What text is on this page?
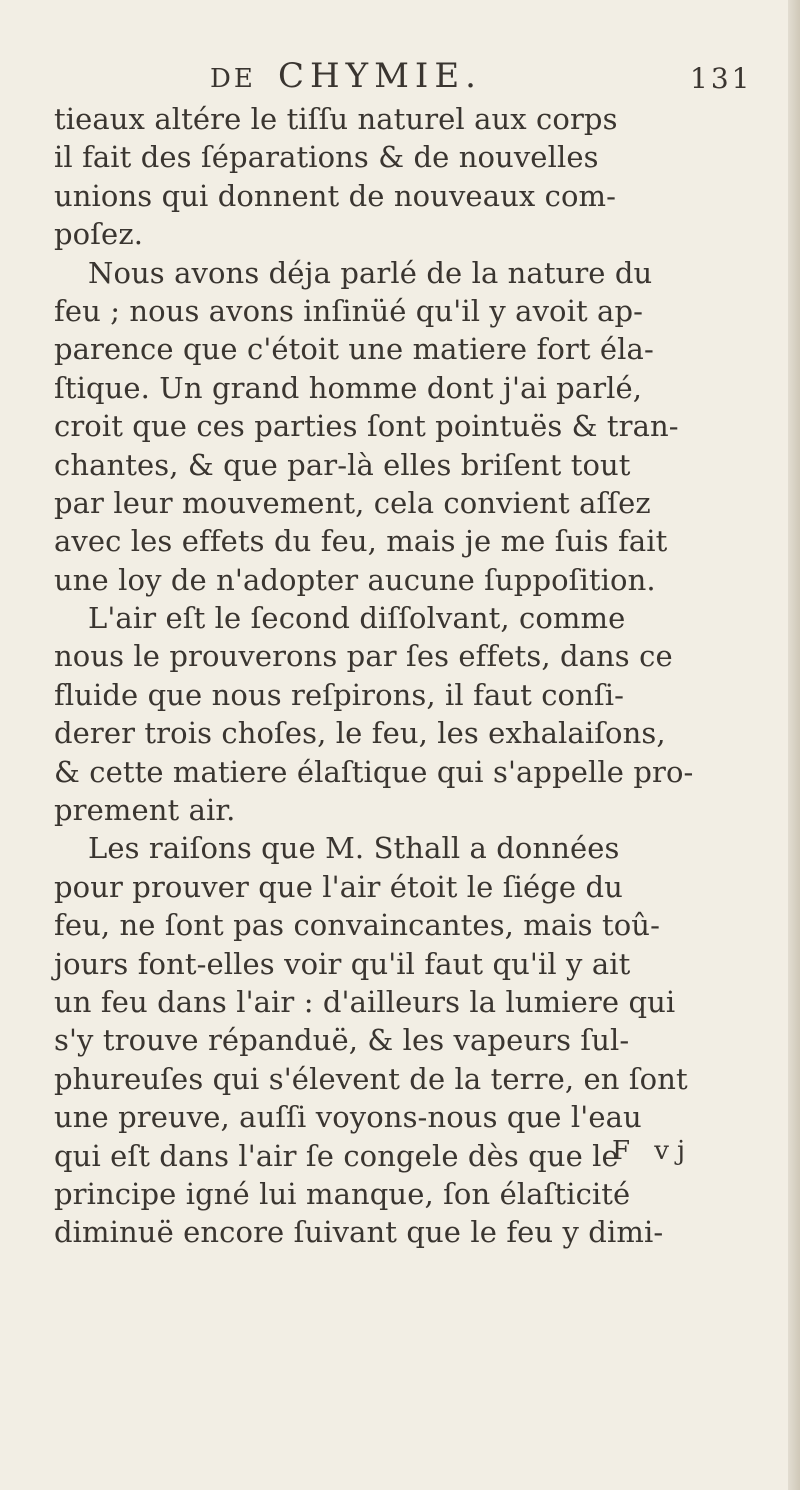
DE CHYMIE.	131
tieaux altére le tiſſu naturel aux corps
il fait des ſéparations & de nouvelles
unions qui donnent de nouveaux com-
poſez.
Nous avons déja parlé de la nature du
feu ; nous avons inſinüé qu'il y avoit ap-
parence que c'étoit une matiere fort éla-
ſtique. Un grand homme dont j'ai parlé,
croit que ces parties ſont pointuës & tran-
chantes, & que par-là elles briſent tout
par leur mouvement, cela convient aſſez
avec les effets du feu, mais je me ſuis fait
une loy de n'adopter aucune ſuppoſition.
L'air eſt le ſecond diſſolvant, comme
nous le prouverons par ſes effets, dans ce
fluide que nous reſpirons, il faut conſi-
derer trois choſes, le feu, les exhalaiſons,
& cette matiere élaſtique qui s'appelle pro-
prement air.
Les raiſons que M. Sthall a données
pour prouver que l'air étoit le ſiége du
feu, ne ſont pas convaincantes, mais toû-
jours font-elles voir qu'il faut qu'il y ait
un feu dans l'air : d'ailleurs la lumiere qui
s'y trouve répanduë, & les vapeurs ſul-
phureuſes qui s'élevent de la terre, en ſont
une preuve, auſſi voyons-nous que l'eau
qui eſt dans l'air ſe congele dès que le
principe igné lui manque, ſon élaſticité
diminuë encore ſuivant que le feu y dimi-
F vj
